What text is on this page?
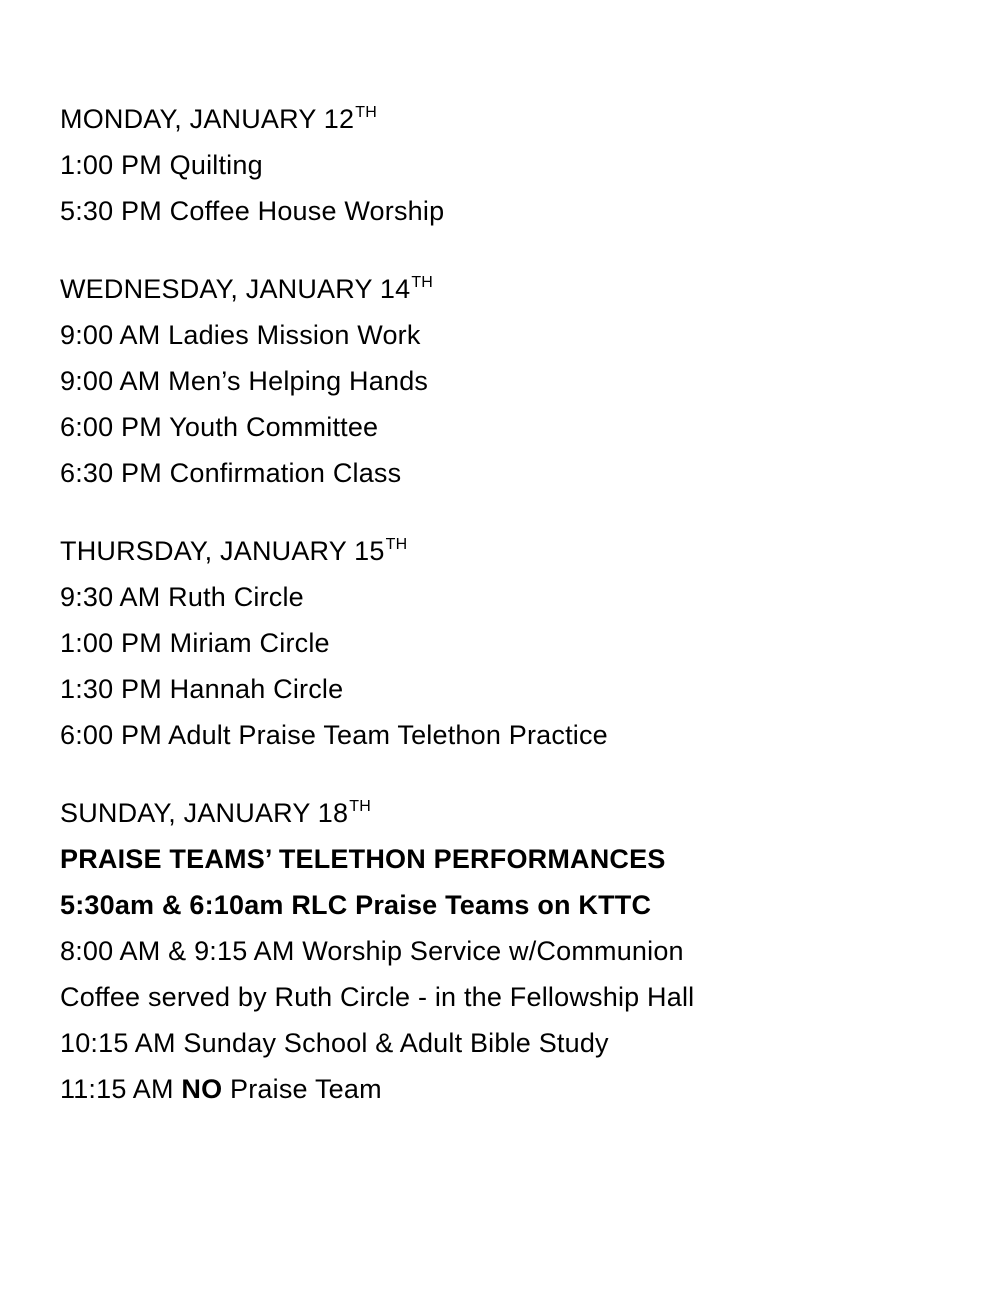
MONDAY, JANUARY 12TH
1:00 PM Quilting
5:30 PM Coffee House Worship
WEDNESDAY, JANUARY 14TH
9:00 AM Ladies Mission Work
9:00 AM Men’s Helping Hands
6:00 PM Youth Committee
6:30 PM Confirmation Class
THURSDAY, JANUARY 15TH
9:30 AM Ruth Circle
1:00 PM Miriam Circle
1:30 PM Hannah Circle
6:00 PM Adult Praise Team Telethon Practice
SUNDAY, JANUARY 18TH
PRAISE TEAMS’ TELETHON PERFORMANCES
5:30am & 6:10am RLC Praise Teams on KTTC
8:00 AM & 9:15 AM Worship Service w/Communion
Coffee served by Ruth Circle - in the Fellowship Hall
10:15 AM Sunday School & Adult Bible Study
11:15 AM NO Praise Team
